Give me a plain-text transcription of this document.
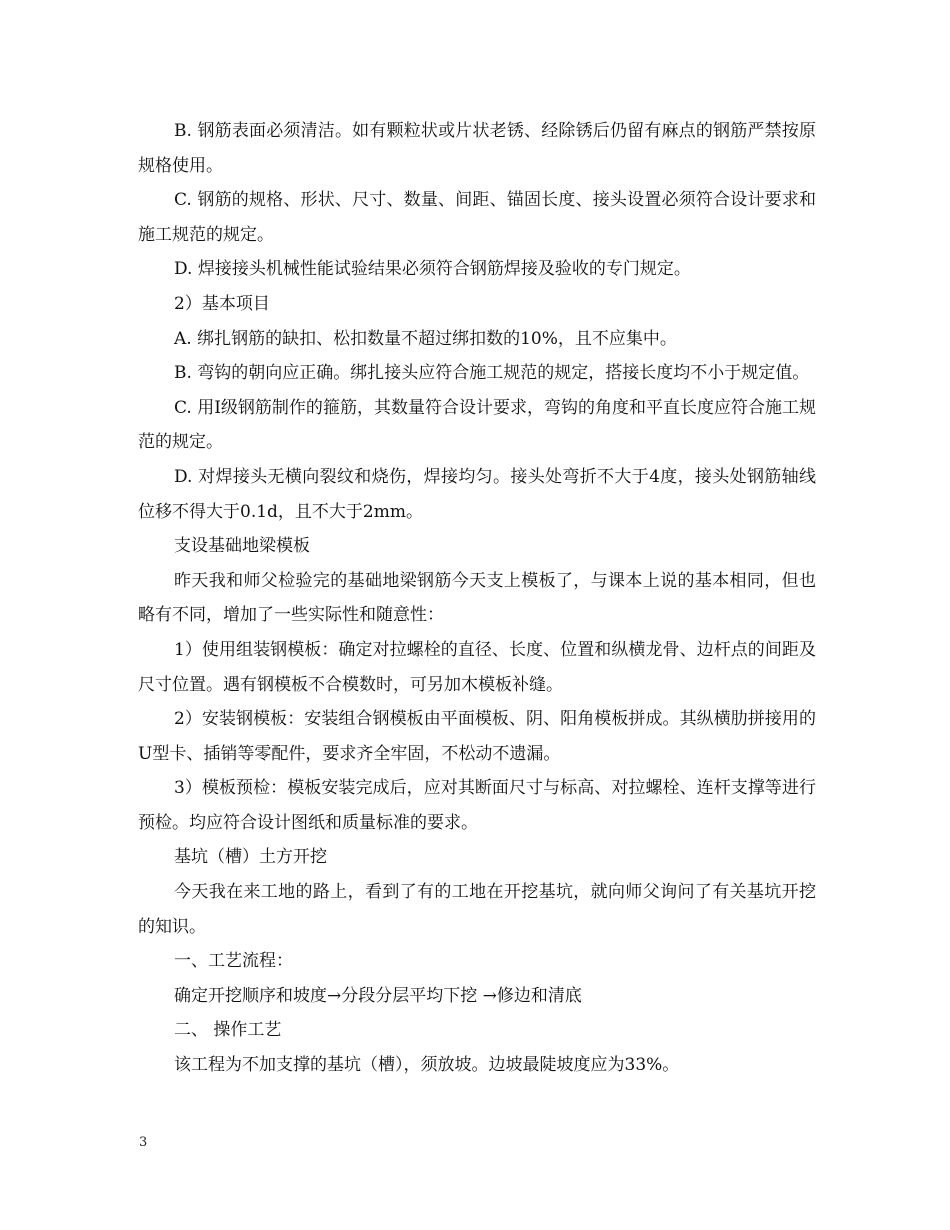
B. 钢筋表面必须清洁。如有颗粒状或片状老锈、经除锈后仍留有麻点的钢筋严禁按原规格使用。

C. 钢筋的规格、形状、尺寸、数量、间距、锚固长度、接头设置必须符合设计要求和施工规范的规定。

D. 焊接接头机械性能试验结果必须符合钢筋焊接及验收的专门规定。

2）基本项目

A. 绑扎钢筋的缺扣、松扣数量不超过绑扣数的10%，且不应集中。

B. 弯钩的朝向应正确。绑扎接头应符合施工规范的规定，搭接长度均不小于规定值。

C. 用Ⅰ级钢筋制作的箍筋，其数量符合设计要求，弯钩的角度和平直长度应符合施工规范的规定。

D. 对焊接头无横向裂纹和烧伤，焊接均匀。接头处弯折不大于4度，接头处钢筋轴线位移不得大于0.1d，且不大于2mm。

支设基础地梁模板

昨天我和师父检验完的基础地梁钢筋今天支上模板了，与课本上说的基本相同，但也略有不同，增加了一些实际性和随意性：

1）使用组装钢模板：确定对拉螺栓的直径、长度、位置和纵横龙骨、边杆点的间距及尺寸位置。遇有钢模板不合模数时，可另加木模板补缝。

2）安装钢模板：安装组合钢模板由平面模板、阴、阳角模板拼成。其纵横肋拼接用的U型卡、插销等零配件，要求齐全牢固，不松动不遗漏。

3）模板预检：模板安装完成后，应对其断面尺寸与标高、对拉螺栓、连杆支撑等进行预检。均应符合设计图纸和质量标准的要求。

基坑（槽）土方开挖

今天我在来工地的路上，看到了有的工地在开挖基坑，就向师父询问了有关基坑开挖的知识。

一、工艺流程：

确定开挖顺序和坡度→分段分层平均下挖 →修边和清底

二、 操作工艺

该工程为不加支撑的基坑（槽），须放坡。边坡最陡坡度应为33%。

3
